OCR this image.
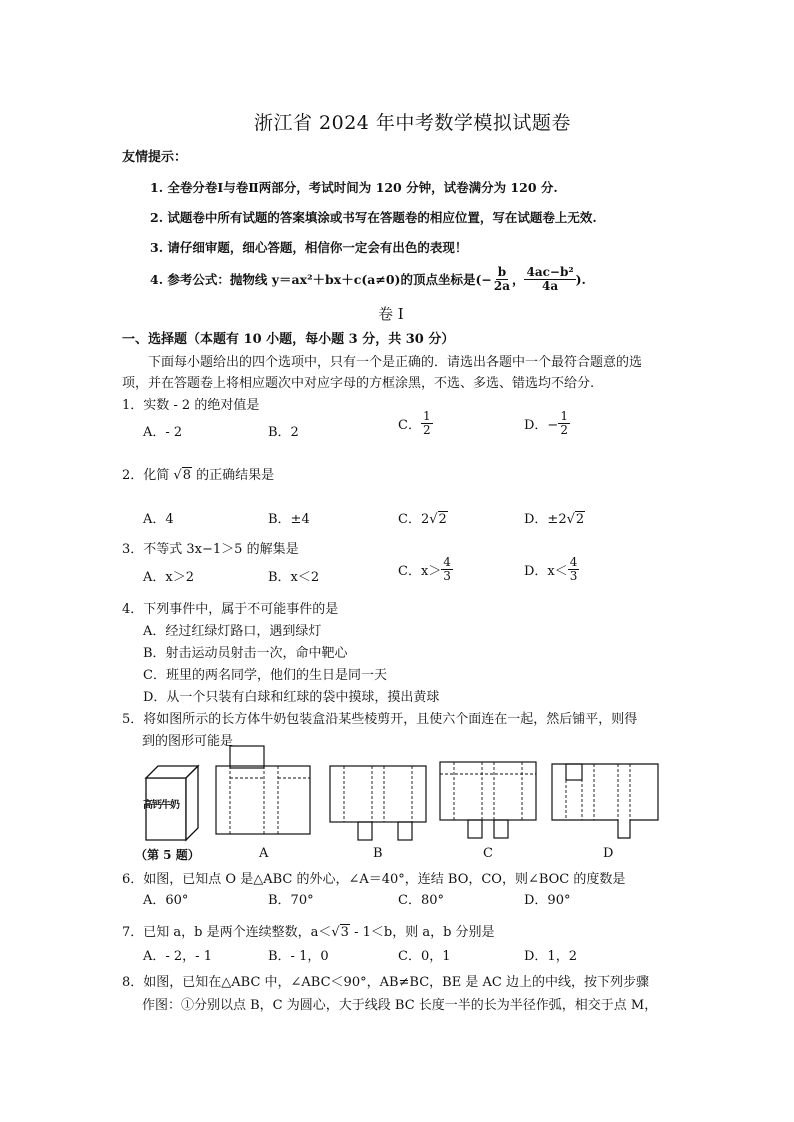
浙江省 2024 年中考数学模拟试题卷
友情提示：
1. 全卷分卷Ⅰ与卷Ⅱ两部分，考试时间为 120 分钟，试卷满分为 120 分.
2. 试题卷中所有试题的答案填涂或书写在答题卷的相应位置，写在试题卷上无效.
3. 请仔细审题，细心答题，相信你一定会有出色的表现！
4. 参考公式：抛物线 y＝ax²＋bx＋c(a≠0)的顶点坐标是(− $\frac{b}{2a}$ ， $\frac{\text{4ac−b²}}{4a}$ ).
卷 Ⅰ
一、选择题（本题有 10 小题，每小题 3 分，共 30 分）
下面每小题给出的四个选项中，只有一个是正确的．请选出各题中一个最符合题意的选
项，并在答题卷上将相应题次中对应字母的方框涂黑，不选、多选、错选均不给分.
1．实数 - 2 的绝对值是
A．- 2	B．2	C． $\frac{1}{2}$	D．− $\frac{1}{2}$
2．化简 √8 的正确结果是
A．4	B．±4	C．2√2	D．±2√2
3．不等式 3x−1＞5 的解集是
A．x＞2	B．x＜2	C．$x> \frac{4}{3}$	D．$x< \frac{4}{3}$
4．下列事件中，属于不可能事件的是
A．经过红绿灯路口，遇到绿灯
B．射击运动员射击一次，命中靶心
C．班里的两名同学，他们的生日是同一天
D．从一个只装有白球和红球的袋中摸球，摸出黄球
5．将如图所示的长方体牛奶包装盒沿某些棱剪开，且使六个面连在一起，然后铺平，则得
到的图形可能是
高钙牛奶
（第 5 题）	A	B	C	D
6．如图，已知点 O 是△ABC 的外心，∠A＝40°，连结 BO，CO，则∠BOC 的度数是
A．60°	B．70°	C．80°	D．90°
7．已知 a，b 是两个连续整数，a＜√3 - 1＜b，则 a，b 分别是
A．- 2，- 1	B．- 1，0	C．0，1	D．1，2
8．如图，已知在△ABC 中，∠ABC＜90°，AB≠BC，BE 是 AC 边上的中线，按下列步骤
作图：①分别以点 B，C 为圆心，大于线段 BC 长度一半的长为半径作弧，相交于点 M，
